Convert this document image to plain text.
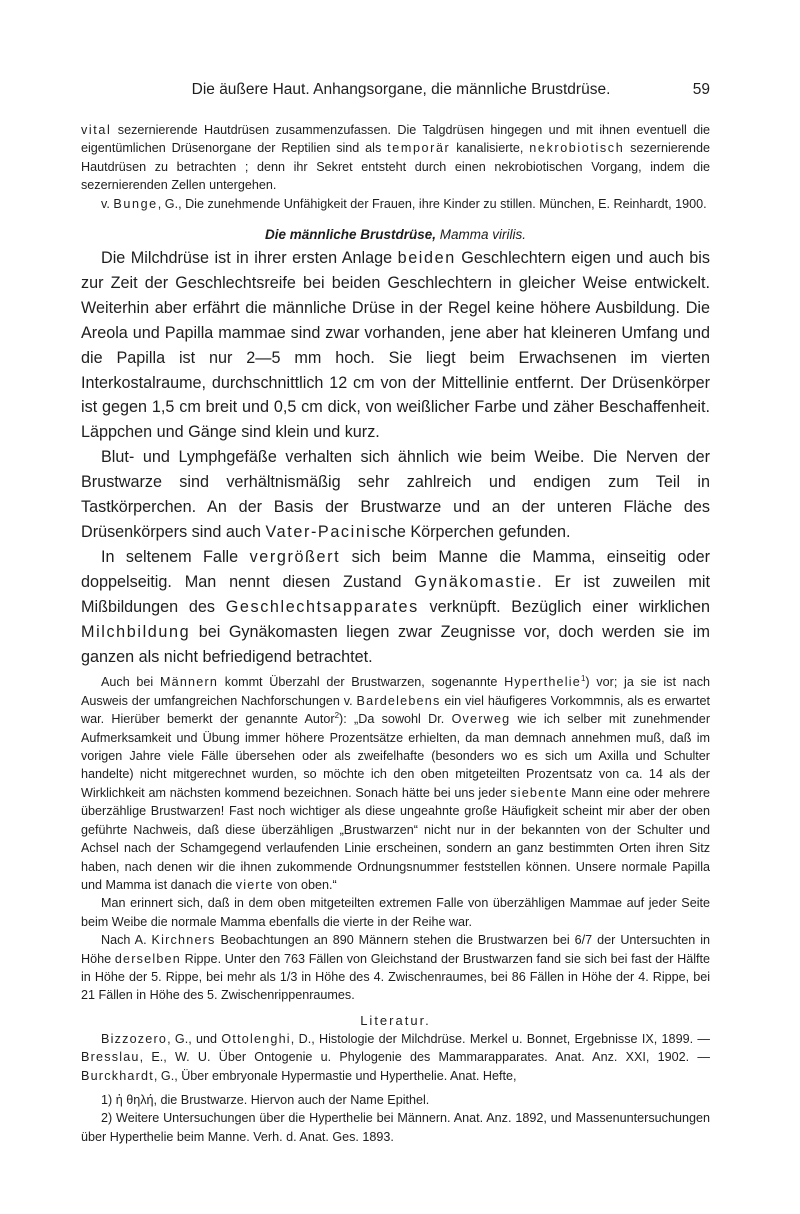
Die äußere Haut. Anhangsorgane, die männliche Brustdrüse.	59

vital sezernierende Hautdrüsen zusammenzufassen. Die Talgdrüsen hingegen und mit ihnen eventuell die eigentümlichen Drüsenorgane der Reptilien sind als temporär kanalisierte, nekrobiotisch sezernierende Hautdrüsen zu betrachten ; denn ihr Sekret entsteht durch einen nekrobiotischen Vorgang, indem die sezernierenden Zellen untergehen.

v. Bunge, G., Die zunehmende Unfähigkeit der Frauen, ihre Kinder zu stillen. München, E. Reinhardt, 1900.

Die männliche Brustdrüse, Mamma virilis.

Die Milchdrüse ist in ihrer ersten Anlage beiden Geschlechtern eigen und auch bis zur Zeit der Geschlechtsreife bei beiden Geschlechtern in gleicher Weise entwickelt. Weiterhin aber erfährt die männliche Drüse in der Regel keine höhere Ausbildung. Die Areola und Papilla mammae sind zwar vorhanden, jene aber hat kleineren Umfang und die Papilla ist nur 2—5 mm hoch. Sie liegt beim Erwachsenen im vierten Interkostalraume, durchschnittlich 12 cm von der Mittellinie entfernt. Der Drüsenkörper ist gegen 1,5 cm breit und 0,5 cm dick, von weißlicher Farbe und zäher Beschaffenheit. Läppchen und Gänge sind klein und kurz.

Blut- und Lymphgefäße verhalten sich ähnlich wie beim Weibe. Die Nerven der Brustwarze sind verhältnismäßig sehr zahlreich und endigen zum Teil in Tastkörperchen. An der Basis der Brustwarze und an der unteren Fläche des Drüsenkörpers sind auch Vater-Pacinische Körperchen gefunden.

In seltenem Falle vergrößert sich beim Manne die Mamma, einseitig oder doppelseitig. Man nennt diesen Zustand Gynäkomastie. Er ist zuweilen mit Mißbildungen des Geschlechtsapparates verknüpft. Bezüglich einer wirklichen Milchbildung bei Gynäkomasten liegen zwar Zeugnisse vor, doch werden sie im ganzen als nicht befriedigend betrachtet.

Auch bei Männern kommt Überzahl der Brustwarzen, sogenannte Hyperthelie$^1$) vor; ja sie ist nach Ausweis der umfangreichen Nachforschungen v. Bardelebens ein viel häufigeres Vorkommnis, als es erwartet war. Hierüber bemerkt der genannte Autor$^2$): „Da sowohl Dr. Overweg wie ich selber mit zunehmender Aufmerksamkeit und Übung immer höhere Prozentsätze erhielten, da man demnach annehmen muß, daß im vorigen Jahre viele Fälle übersehen oder als zweifelhafte (besonders wo es sich um Axilla und Schulter handelte) nicht mitgerechnet wurden, so möchte ich den oben mitgeteilten Prozentsatz von ca. 14 als der Wirklichkeit am nächsten kommend bezeichnen. Sonach hätte bei uns jeder siebente Mann eine oder mehrere überzählige Brustwarzen! Fast noch wichtiger als diese ungeahnte große Häufigkeit scheint mir aber der oben geführte Nachweis, daß diese überzähligen „Brustwarzen“ nicht nur in der bekannten von der Schulter und Achsel nach der Schamgegend verlaufenden Linie erscheinen, sondern an ganz bestimmten Orten ihren Sitz haben, nach denen wir die ihnen zukommende Ordnungsnummer feststellen können. Unsere normale Papilla und Mamma ist danach die vierte von oben.“

Man erinnert sich, daß in dem oben mitgeteilten extremen Falle von überzähligen Mammae auf jeder Seite beim Weibe die normale Mamma ebenfalls die vierte in der Reihe war.

Nach A. Kirchners Beobachtungen an 890 Männern stehen die Brustwarzen bei 6/7 der Untersuchten in Höhe derselben Rippe. Unter den 763 Fällen von Gleichstand der Brustwarzen fand sie sich bei fast der Hälfte in Höhe der 5. Rippe, bei mehr als 1/3 in Höhe des 4. Zwischenraumes, bei 86 Fällen in Höhe der 4. Rippe, bei 21 Fällen in Höhe des 5. Zwischenrippenraumes.

Literatur.

Bizzozero, G., und Ottolenghi, D., Histologie der Milchdrüse. Merkel u. Bonnet, Ergebnisse IX, 1899. — Bresslau, E., W. U. Über Ontogenie u. Phylogenie des Mammarapparates. Anat. Anz. XXI, 1902. — Burckhardt, G., Über embryonale Hypermastie und Hyperthelie. Anat. Hefte,

1) ἡ θηλή, die Brustwarze. Hiervon auch der Name Epithel.

2) Weitere Untersuchungen über die Hyperthelie bei Männern. Anat. Anz. 1892, und Massenuntersuchungen über Hyperthelie beim Manne. Verh. d. Anat. Ges. 1893.
